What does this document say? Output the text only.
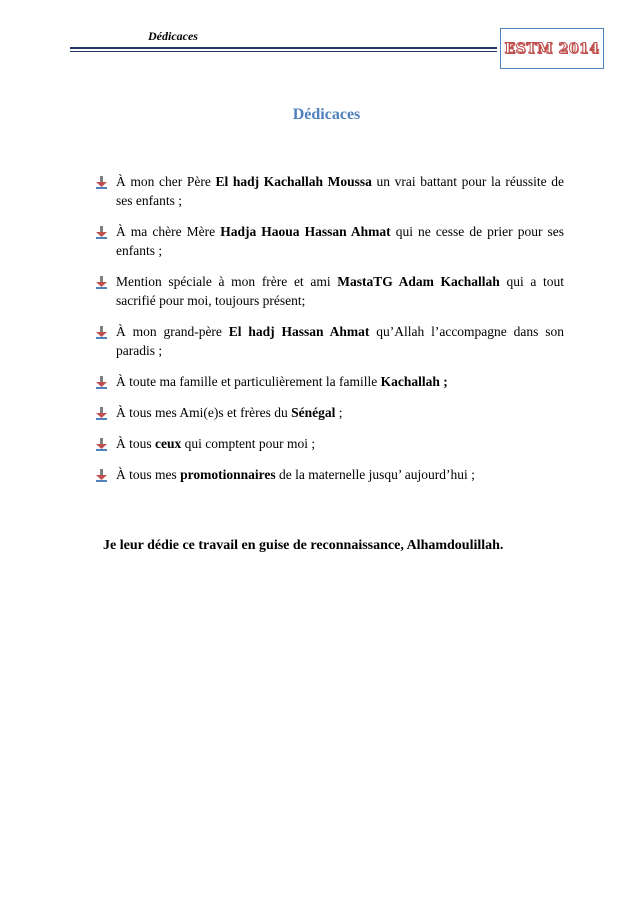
Dédicaces
ESTM 2014
Dédicaces
À mon cher Père El hadj Kachallah Moussa un vrai battant pour la réussite de ses enfants ;
À ma chère Mère Hadja Haoua Hassan Ahmat qui ne cesse de prier pour ses enfants ;
Mention spéciale à mon frère et ami MastaTG Adam Kachallah qui a tout sacrifié pour moi, toujours présent;
À mon grand-père El hadj Hassan Ahmat qu’Allah l’accompagne dans son paradis ;
À toute ma famille et particulièrement la famille Kachallah ;
À tous mes Ami(e)s et frères du Sénégal ;
À tous ceux qui comptent pour moi ;
À tous mes promotionnaires de la maternelle jusqu’ aujourd’hui ;
Je leur dédie ce travail en guise de reconnaissance, Alhamdoulillah.
